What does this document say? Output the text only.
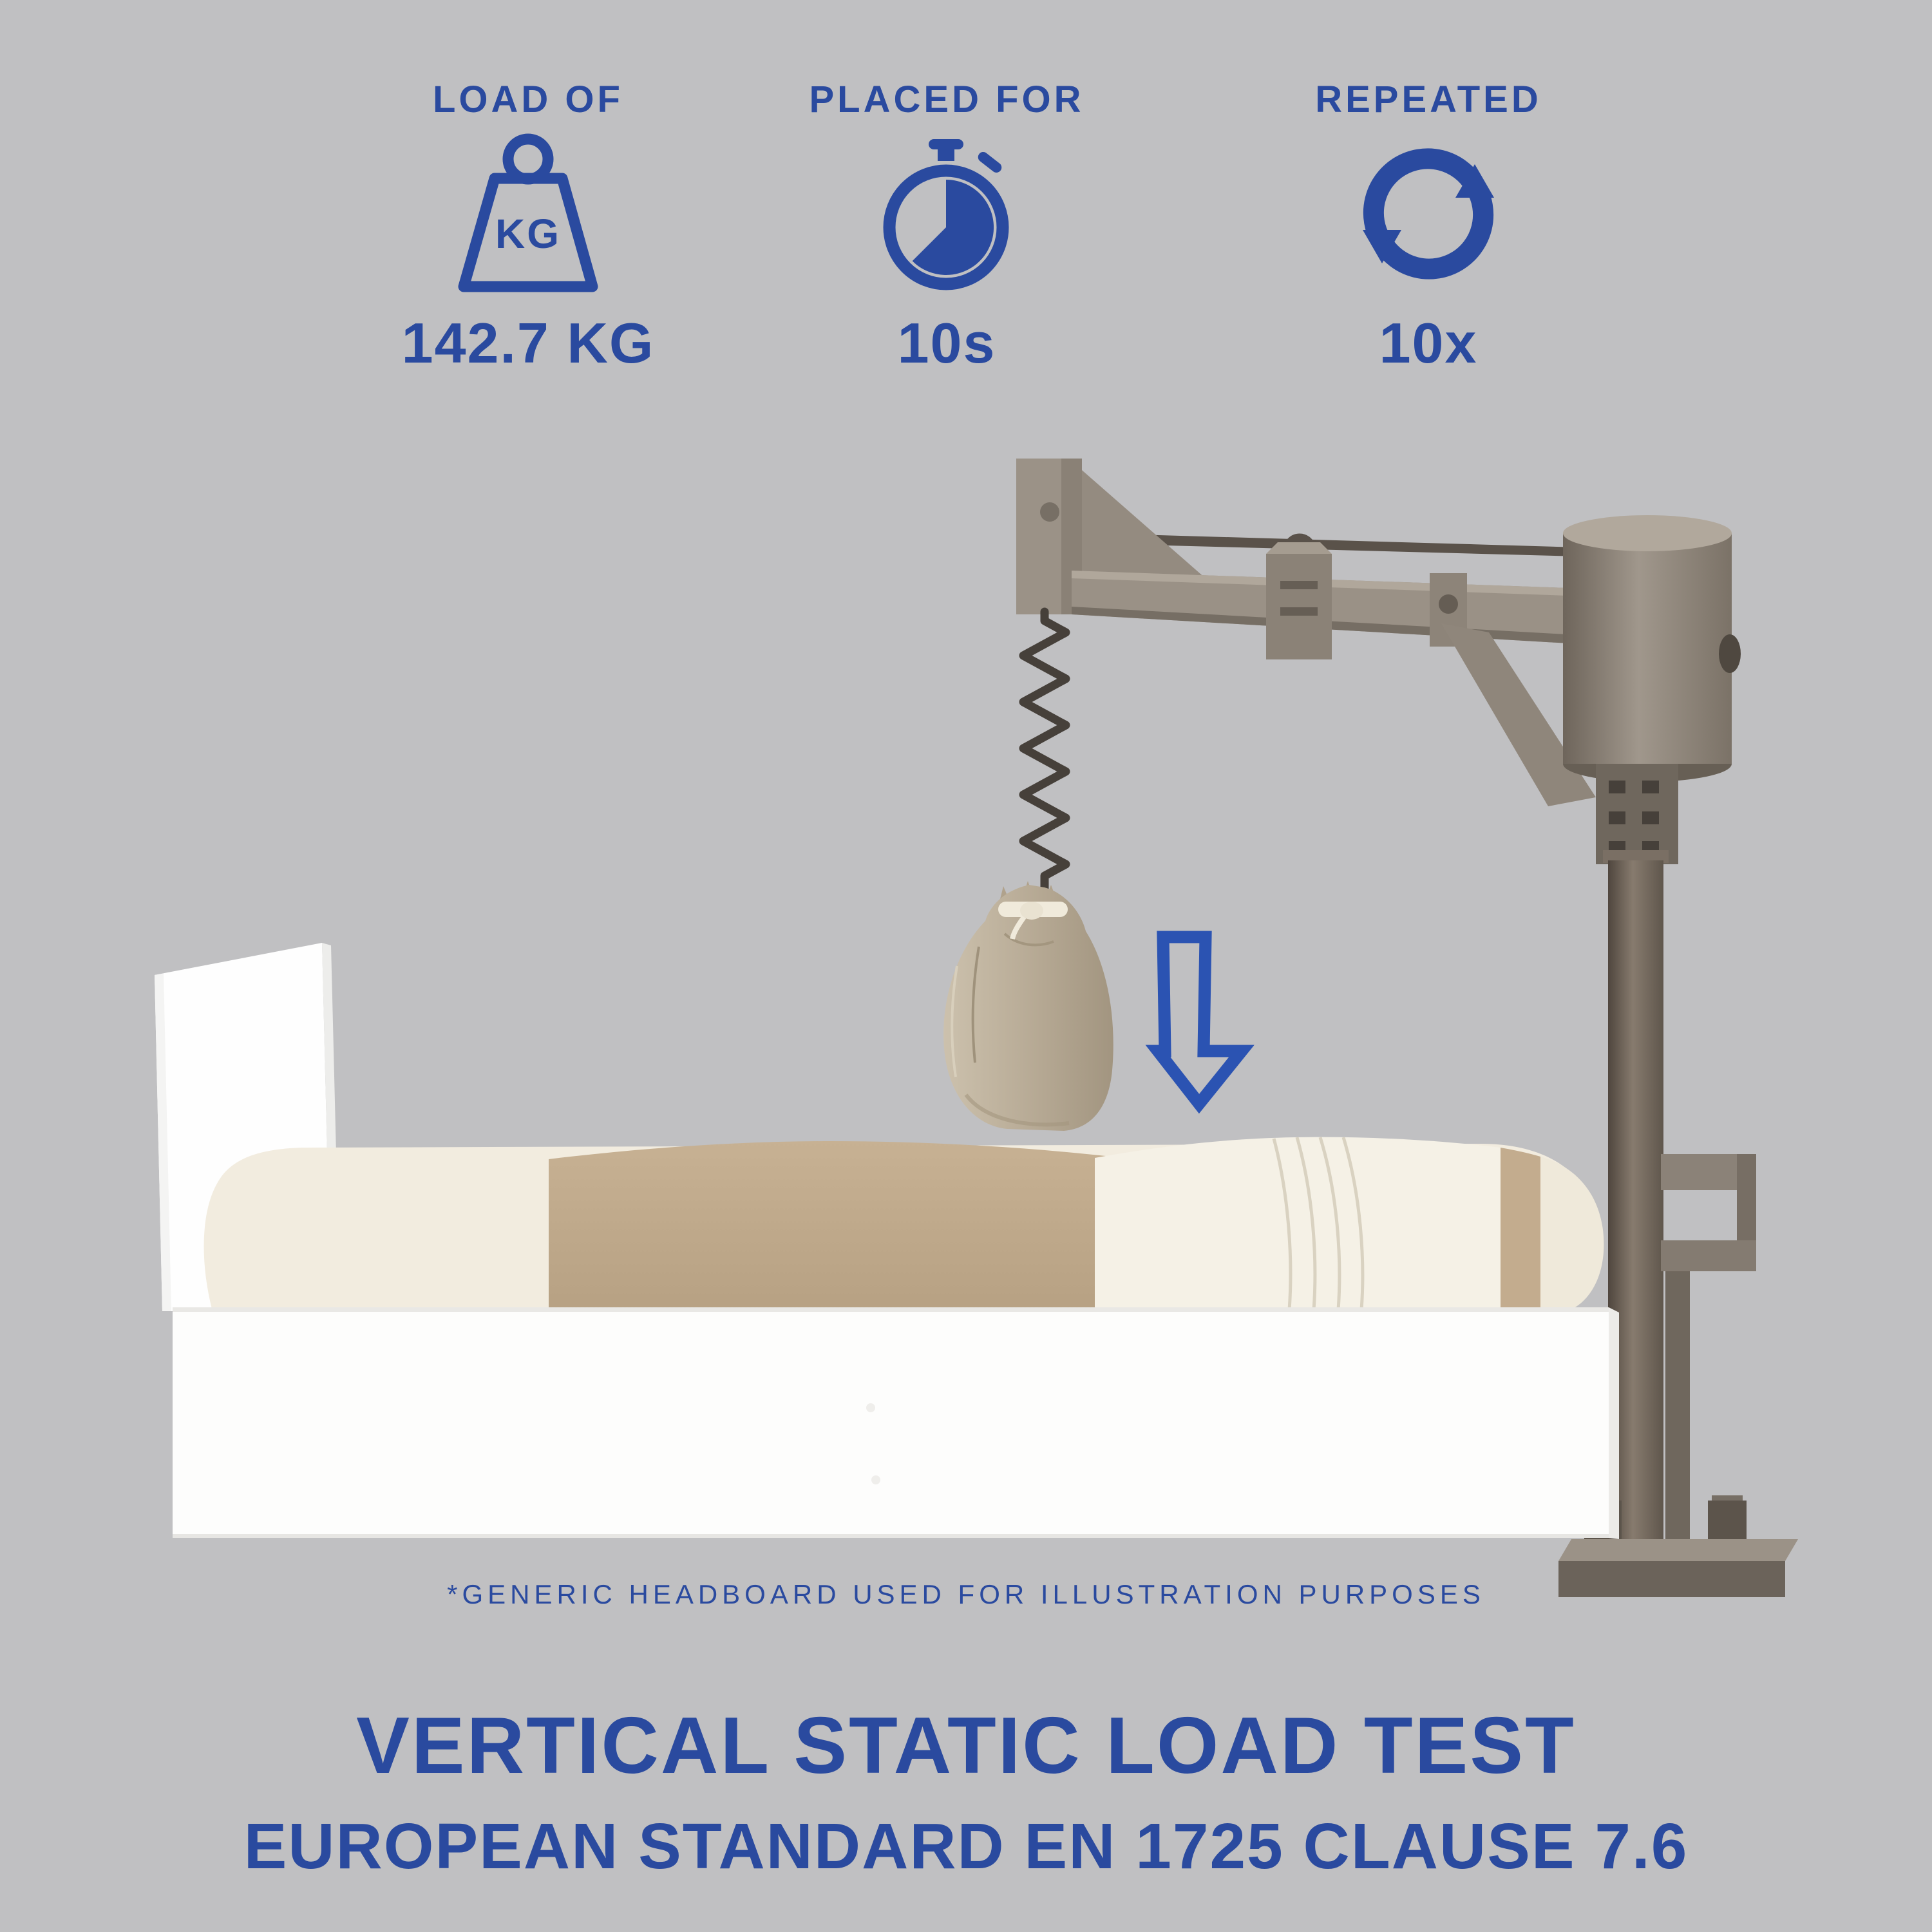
LOAD OF
KG
142.7 KG
PLACED FOR
10s
REPEATED
10x
*GENERIC HEADBOARD USED FOR ILLUSTRATION PURPOSES
VERTICAL STATIC LOAD TEST
EUROPEAN STANDARD EN 1725 CLAUSE 7.6
